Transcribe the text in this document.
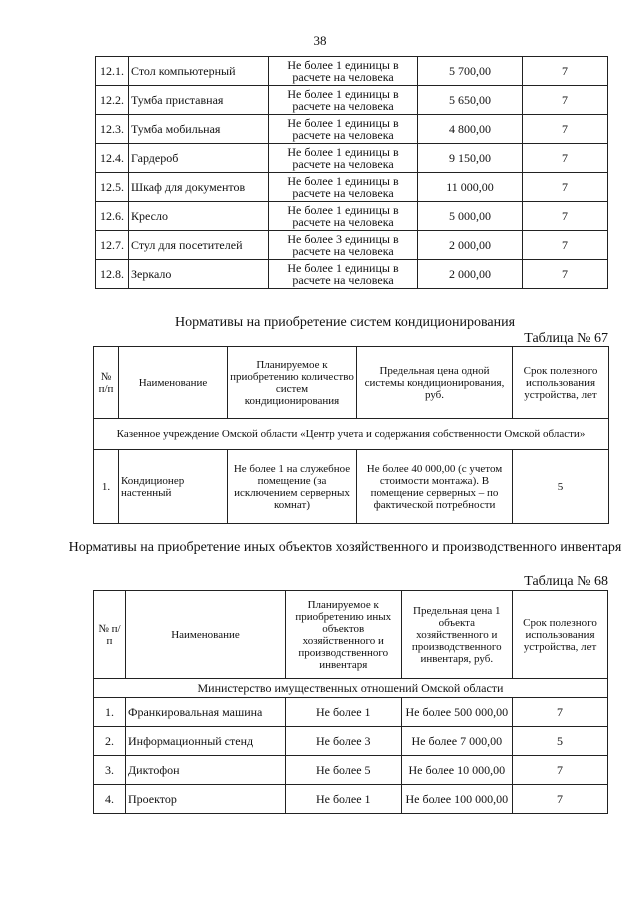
38
12.1.	Стол компьютерный	Не более 1 единицы в расчете на человека	5 700,00	7
12.2.	Тумба приставная	Не более 1 единицы в расчете на человека	5 650,00	7
12.3.	Тумба мобильная	Не более 1 единицы в расчете на человека	4 800,00	7
12.4.	Гардероб	Не более 1 единицы в расчете на человека	9 150,00	7
12.5.	Шкаф для документов	Не более 1 единицы в расчете на человека	11 000,00	7
12.6.	Кресло	Не более 1 единицы в расчете на человека	5 000,00	7
12.7.	Стул для посетителей	Не более 3 единицы в расчете на человека	2 000,00	7
12.8.	Зеркало	Не более 1 единицы в расчете на человека	2 000,00	7
Нормативы на приобретение систем кондиционирования
Таблица № 67
№ п/п	Наименование	Планируемое к приобретению количество систем кондиционирования	Предельная цена одной системы кондиционирования, руб.	Срок полезного использования устройства, лет
Казенное учреждение Омской области «Центр учета и содержания собственности Омской области»				
1.	Кондиционер настенный	Не более 1 на служебное помещение (за исключением серверных комнат)	Не более 40 000,00 (с учетом стоимости монтажа). В помещение серверных – по фактической потребности	5
Нормативы на приобретение иных объектов хозяйственного и производственного инвентаря
Таблица № 68
№ п/п	Наименование	Планируемое к приобретению иных объектов хозяйственного и производственного инвентаря	Предельная цена 1 объекта хозяйственного и производственного инвентаря, руб.	Срок полезного использования устройства, лет
Министерство имущественных отношений Омской области				
1.	Франкировальная машина	Не более 1	Не более 500 000,00	7
2.	Информационный стенд	Не более 3	Не более 7 000,00	5
3.	Диктофон	Не более 5	Не более 10 000,00	7
4.	Проектор	Не более 1	Не более 100 000,00	7
